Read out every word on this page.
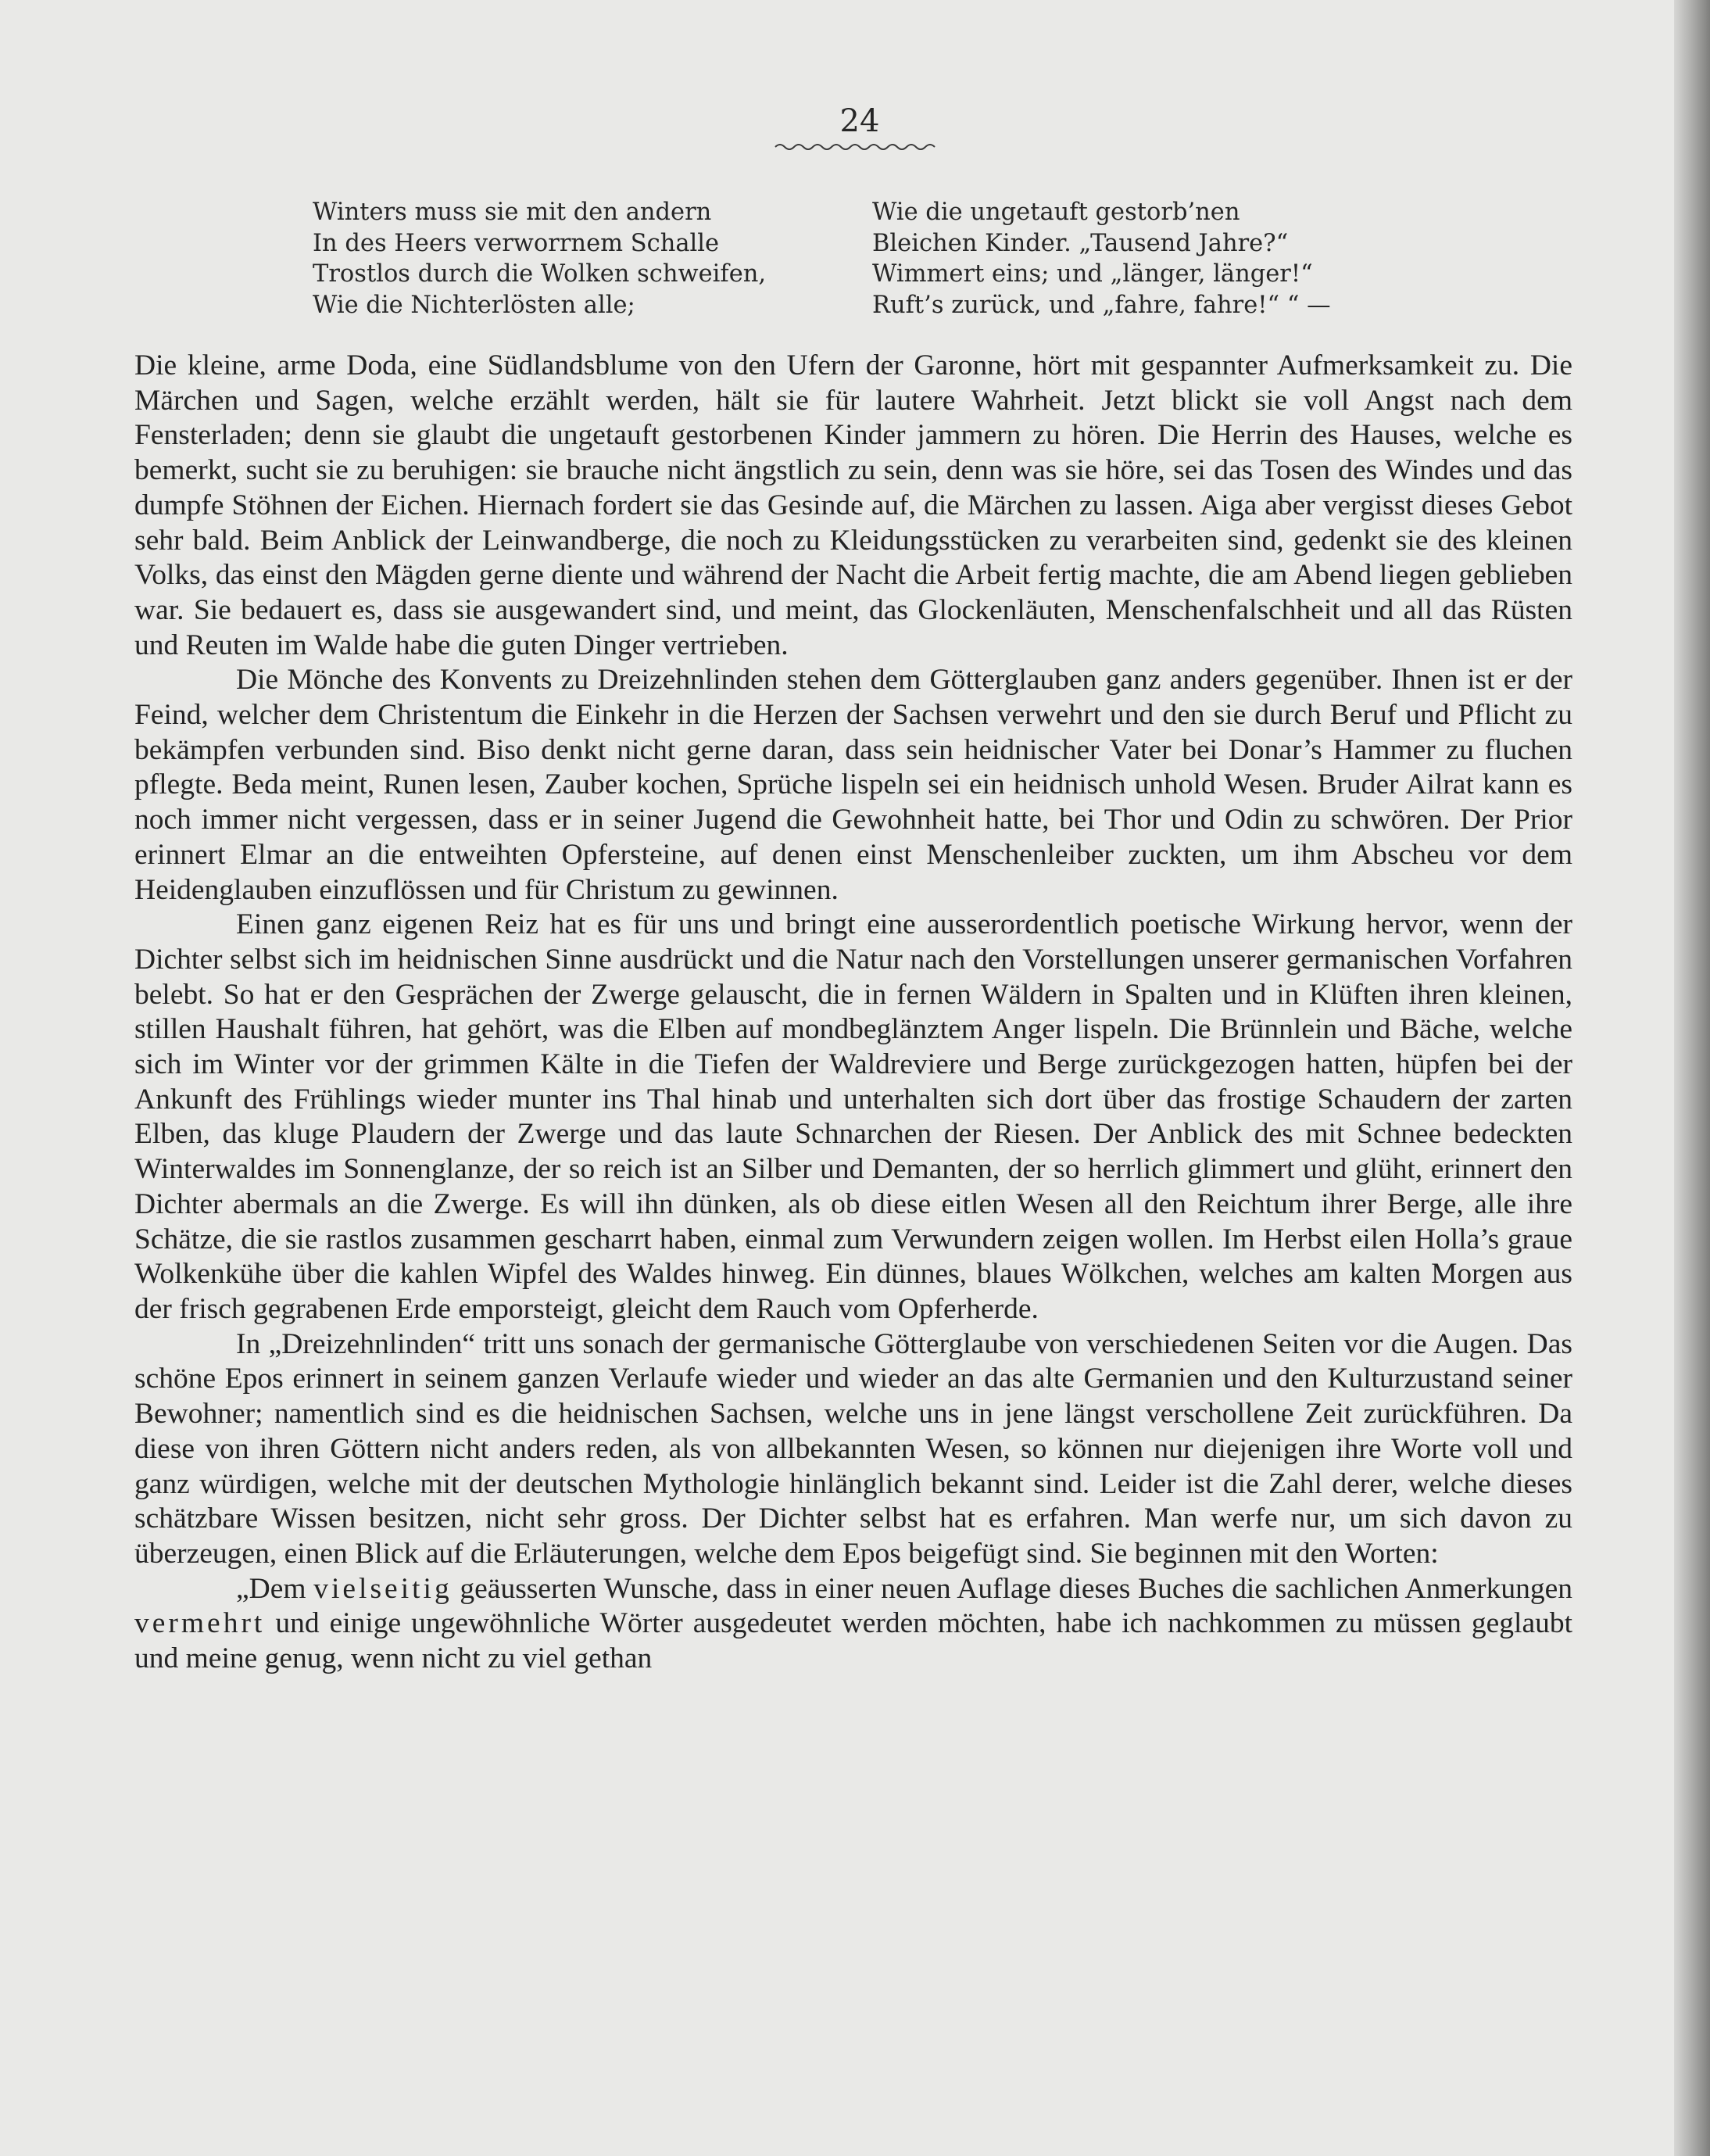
24
Winters muss sie mit den andern
In des Heers verworrnem Schalle
Trostlos durch die Wolken schweifen,
Wie die Nichterlösten alle;
Wie die ungetauft gestorb’nen
Bleichen Kinder. „Tausend Jahre?“
Wimmert eins; und „länger, länger!“
Ruft’s zurück, und „fahre, fahre!“ “ —

Die kleine, arme Doda, eine Südlandsblume von den Ufern der Garonne, hört mit gespannter Aufmerksamkeit zu. Die Märchen und Sagen, welche erzählt werden, hält sie für lautere Wahrheit. Jetzt blickt sie voll Angst nach dem Fensterladen; denn sie glaubt die ungetauft gestorbenen Kinder jammern zu hören. Die Herrin des Hauses, welche es bemerkt, sucht sie zu beruhigen: sie brauche nicht ängstlich zu sein, denn was sie höre, sei das Tosen des Windes und das dumpfe Stöhnen der Eichen. Hiernach fordert sie das Gesinde auf, die Märchen zu lassen. Aiga aber vergisst dieses Gebot sehr bald. Beim Anblick der Leinwandberge, die noch zu Kleidungsstücken zu verarbeiten sind, gedenkt sie des kleinen Volks, das einst den Mägden gerne diente und während der Nacht die Arbeit fertig machte, die am Abend liegen geblieben war. Sie bedauert es, dass sie ausgewandert sind, und meint, das Glockenläuten, Menschenfalschheit und all das Rüsten und Reuten im Walde habe die guten Dinger vertrieben.

Die Mönche des Konvents zu Dreizehnlinden stehen dem Götterglauben ganz anders gegenüber. Ihnen ist er der Feind, welcher dem Christentum die Einkehr in die Herzen der Sachsen verwehrt und den sie durch Beruf und Pflicht zu bekämpfen verbunden sind. Biso denkt nicht gerne daran, dass sein heidnischer Vater bei Donar’s Hammer zu fluchen pflegte. Beda meint, Runen lesen, Zauber kochen, Sprüche lispeln sei ein heidnisch unhold Wesen. Bruder Ailrat kann es noch immer nicht vergessen, dass er in seiner Jugend die Gewohnheit hatte, bei Thor und Odin zu schwören. Der Prior erinnert Elmar an die entweihten Opfersteine, auf denen einst Menschenleiber zuckten, um ihm Abscheu vor dem Heidenglauben einzuflössen und für Christum zu gewinnen.

Einen ganz eigenen Reiz hat es für uns und bringt eine ausserordentlich poetische Wirkung hervor, wenn der Dichter selbst sich im heidnischen Sinne ausdrückt und die Natur nach den Vorstellungen unserer germanischen Vorfahren belebt. So hat er den Gesprächen der Zwerge gelauscht, die in fernen Wäldern in Spalten und in Klüften ihren kleinen, stillen Haushalt führen, hat gehört, was die Elben auf mondbeglänztem Anger lispeln. Die Brünnlein und Bäche, welche sich im Winter vor der grimmen Kälte in die Tiefen der Waldreviere und Berge zurückgezogen hatten, hüpfen bei der Ankunft des Frühlings wieder munter ins Thal hinab und unterhalten sich dort über das frostige Schaudern der zarten Elben, das kluge Plaudern der Zwerge und das laute Schnarchen der Riesen. Der Anblick des mit Schnee bedeckten Winterwaldes im Sonnenglanze, der so reich ist an Silber und Demanten, der so herrlich glimmert und glüht, erinnert den Dichter abermals an die Zwerge. Es will ihn dünken, als ob diese eitlen Wesen all den Reichtum ihrer Berge, alle ihre Schätze, die sie rastlos zusammen gescharrt haben, einmal zum Verwundern zeigen wollen. Im Herbst eilen Holla’s graue Wolkenkühe über die kahlen Wipfel des Waldes hinweg. Ein dünnes, blaues Wölkchen, welches am kalten Morgen aus der frisch gegrabenen Erde emporsteigt, gleicht dem Rauch vom Opferherde.

In „Dreizehnlinden“ tritt uns sonach der germanische Götterglaube von verschiedenen Seiten vor die Augen. Das schöne Epos erinnert in seinem ganzen Verlaufe wieder und wieder an das alte Germanien und den Kulturzustand seiner Bewohner; namentlich sind es die heidnischen Sachsen, welche uns in jene längst verschollene Zeit zurückführen. Da diese von ihren Göttern nicht anders reden, als von allbekannten Wesen, so können nur diejenigen ihre Worte voll und ganz würdigen, welche mit der deutschen Mythologie hinlänglich bekannt sind. Leider ist die Zahl derer, welche dieses schätzbare Wissen besitzen, nicht sehr gross. Der Dichter selbst hat es erfahren. Man werfe nur, um sich davon zu überzeugen, einen Blick auf die Erläuterungen, welche dem Epos beigefügt sind. Sie beginnen mit den Worten:

„Dem vielseitig geäusserten Wunsche, dass in einer neuen Auflage dieses Buches die sachlichen Anmerkungen vermehrt und einige ungewöhnliche Wörter ausgedeutet werden möchten, habe ich nachkommen zu müssen geglaubt und meine genug, wenn nicht zu viel gethan
